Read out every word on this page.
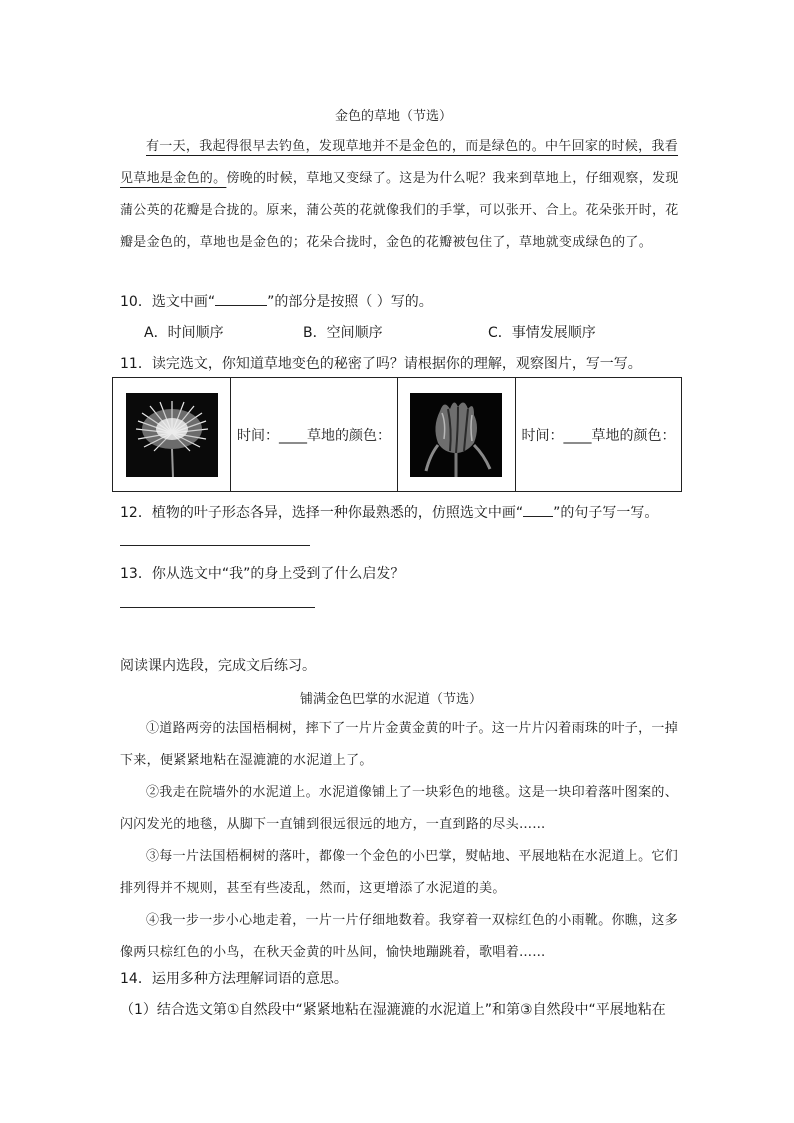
金色的草地（节选）
有一天，我起得很早去钓鱼，发现草地并不是金色的，而是绿色的。中午回家的时候，我看见草地是金色的。傍晚的时候，草地又变绿了。这是为什么呢？我来到草地上，仔细观察，发现蒲公英的花瓣是合拢的。原来，蒲公英的花就像我们的手掌，可以张开、合上。花朵张开时，花瓣是金色的，草地也是金色的；花朵合拢时，金色的花瓣被包住了，草地就变成绿色的了。
10．选文中画“	”的部分是按照（ ）写的。
A．时间顺序	B．空间顺序	C．事情发展顺序
11．读完选文，你知道草地变色的秘密了吗？请根据你的理解，观察图片，写一写。
	时间：____草地的颜色：		时间：____草地的颜色：
12．植物的叶子形态各异，选择一种你最熟悉的，仿照选文中画“ ”的句子写一写。
13．你从选文中“我”的身上受到了什么启发？
阅读课内选段，完成文后练习。
铺满金色巴掌的水泥道（节选）
①道路两旁的法国梧桐树，摔下了一片片金黄金黄的叶子。这一片片闪着雨珠的叶子，一掉下来，便紧紧地粘在湿漉漉的水泥道上了。
②我走在院墙外的水泥道上。水泥道像铺上了一块彩色的地毯。这是一块印着落叶图案的、闪闪发光的地毯，从脚下一直铺到很远很远的地方，一直到路的尽头……
③每一片法国梧桐树的落叶，都像一个金色的小巴掌，熨帖地、平展地粘在水泥道上。它们排列得并不规则，甚至有些凌乱，然而，这更增添了水泥道的美。
④我一步一步小心地走着，一片一片仔细地数着。我穿着一双棕红色的小雨靴。你瞧，这多像两只棕红色的小鸟，在秋天金黄的叶丛间，愉快地蹦跳着，歌唱着……
14．运用多种方法理解词语的意思。
（1）结合选文第①自然段中“紧紧地粘在湿漉漉的水泥道上”和第③自然段中“平展地粘在
